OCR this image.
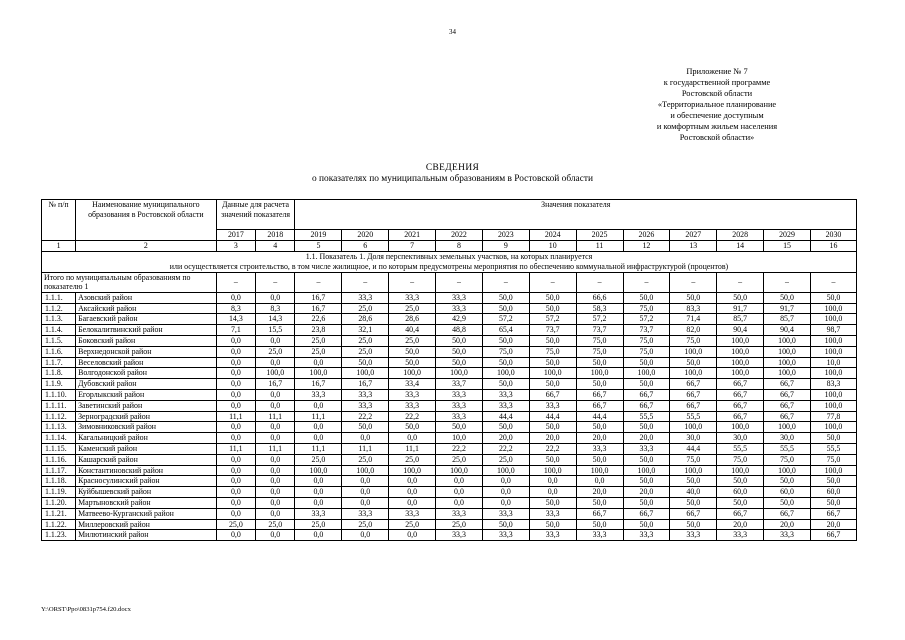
34
Приложение № 7
к государственной программе
Ростовской области
«Территориальное планирование
и обеспечение доступным
и комфортным жильем населения
Ростовской области»
СВЕДЕНИЯ
о показателях по муниципальным образованиям в Ростовской области
№ п/п	Наименование муниципального образования в Ростовской области	Данные для расчета значений показателя		Значения показателя											
		2017	2018	2019	2020	2021	2022	2023	2024	2025	2026	2027	2028	2029	2030
1	2	3	4	5	6	7	8	9	10	11	12	13	14	15	16

1.1. Показатель 1. Доля перспективных земельных участков, на которых планируется
или осуществляется строительство, в том числе жилищное, и по которым предусмотрены мероприятия по обеспечению коммунальной инфраструктурой (процентов)															

Итого по муниципальным образованиям по показателю 1		–	–	–	–	–	–	–	–	–	–	–	–	–	–
1.1.1.	Азовский район	0,0	0,0	16,7	33,3	33,3	33,3	50,0	50,0	66,6	50,0	50,0	50,0	50,0	50,0
1.1.2.	Аксайский район	8,3	8,3	16,7	25,0	25,0	33,3	50,0	50,0	58,3	75,0	83,3	91,7	91,7	100,0
1.1.3.	Багаевский район	14,3	14,3	22,6	28,6	28,6	42,9	57,2	57,2	57,2	57,2	71,4	85,7	85,7	100,0
1.1.4.	Белокалитвинский район	7,1	15,5	23,8	32,1	40,4	48,8	65,4	73,7	73,7	73,7	82,0	90,4	90,4	98,7
1.1.5.	Боковский район	0,0	0,0	25,0	25,0	25,0	50,0	50,0	50,0	75,0	75,0	75,0	100,0	100,0	100,0
1.1.6.	Верхнедонской район	0,0	25,0	25,0	25,0	50,0	50,0	75,0	75,0	75,0	75,0	100,0	100,0	100,0	100,0
1.1.7.	Веселовский район	0,0	0,0	0,0	50,0	50,0	50,0	50,0	50,0	50,0	50,0	50,0	100,0	100,0	10,0
1.1.8.	Волгодонской район	0,0	100,0	100,0	100,0	100,0	100,0	100,0	100,0	100,0	100,0	100,0	100,0	100,0	100,0
1.1.9.	Дубовский район	0,0	16,7	16,7	16,7	33,4	33,7	50,0	50,0	50,0	50,0	66,7	66,7	66,7	83,3
1.1.10.	Егорлыкский район	0,0	0,0	33,3	33,3	33,3	33,3	33,3	66,7	66,7	66,7	66,7	66,7	66,7	100,0
1.1.11.	Заветинский район	0,0	0,0	0,0	33,3	33,3	33,3	33,3	33,3	66,7	66,7	66,7	66,7	66,7	100,0
1.1.12.	Зерноградский район	11,1	11,1	11,1	22,2	22,2	33,3	44,4	44,4	44,4	55,5	55,5	66,7	66,7	77,8
1.1.13.	Зимовниковский район	0,0	0,0	0,0	50,0	50,0	50,0	50,0	50,0	50,0	50,0	100,0	100,0	100,0	100,0
1.1.14.	Кагальницкий район	0,0	0,0	0,0	0,0	0,0	10,0	20,0	20,0	20,0	20,0	30,0	30,0	30,0	50,0
1.1.15.	Каменский район	11,1	11,1	11,1	11,1	11,1	22,2	22,2	22,2	33,3	33,3	44,4	55,5	55,5	55,5
1.1.16.	Кашарский район	0,0	0,0	25,0	25,0	25,0	25,0	25,0	50,0	50,0	50,0	75,0	75,0	75,0	75,0
1.1.17.	Константиновский район	0,0	0,0	100,0	100,0	100,0	100,0	100,0	100,0	100,0	100,0	100,0	100,0	100,0	100,0
1.1.18.	Красносулинский район	0,0	0,0	0,0	0,0	0,0	0,0	0,0	0,0	0,0	50,0	50,0	50,0	50,0	50,0
1.1.19.	Куйбышевский район	0,0	0,0	0,0	0,0	0,0	0,0	0,0	0,0	20,0	20,0	40,0	60,0	60,0	60,0
1.1.20.	Мартыновский район	0,0	0,0	0,0	0,0	0,0	0,0	0,0	50,0	50,0	50,0	50,0	50,0	50,0	50,0
1.1.21.	Матвеево-Курганский район	0,0	0,0	33,3	33,3	33,3	33,3	33,3	33,3	66,7	66,7	66,7	66,7	66,7	66,7
1.1.22.	Миллеровский район	25,0	25,0	25,0	25,0	25,0	25,0	50,0	50,0	50,0	50,0	50,0	20,0	20,0	20,0
1.1.23.	Милютинский район	0,0	0,0	0,0	0,0	0,0	33,3	33,3	33,3	33,3	33,3	33,3	33,3	33,3	66,7
Y:\ORST\Ppo\0831p754.f20.docx
